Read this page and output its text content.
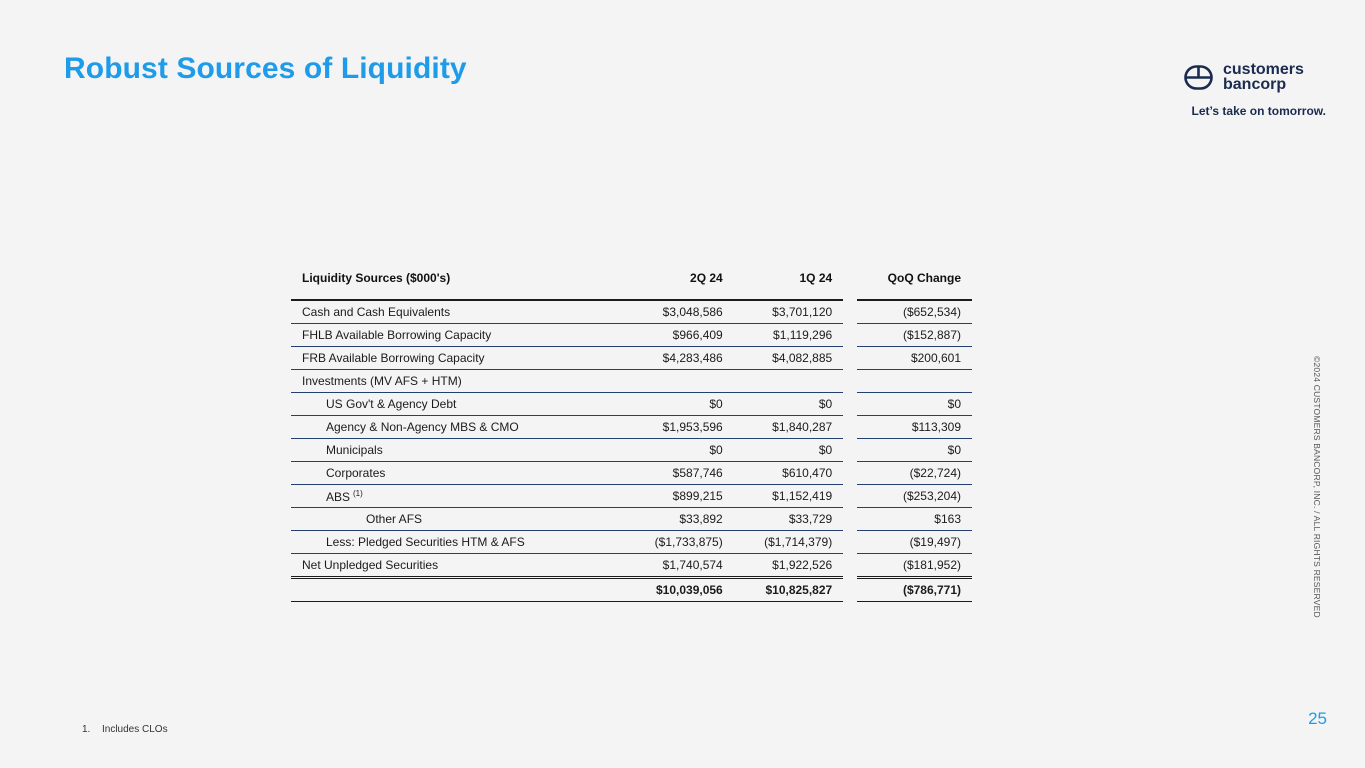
Robust Sources of Liquidity	customers
bancorp
Let’s take on tomorrow.
©2024 CUSTOMERS BANCORP, INC. / ALL RIGHTS RESERVED
Liquidity Sources ($000's)	2Q 24	1Q 24		QoQ Change
Cash and Cash Equivalents	$3,048,586	$3,701,120		($652,534)
FHLB Available Borrowing Capacity	$966,409	$1,119,296		($152,887)
FRB Available Borrowing Capacity	$4,283,486	$4,082,885		$200,601
Investments (MV AFS + HTM)				
US Gov't & Agency Debt	$0	$0		$0
Agency & Non-Agency MBS & CMO	$1,953,596	$1,840,287		$113,309
Municipals	$0	$0		$0
Corporates	$587,746	$610,470		($22,724)
ABS $^{(1)}$	$899,215	$1,152,419		($253,204)
Other AFS	$33,892	$33,729		$163
Less: Pledged Securities HTM & AFS	($1,733,875)	($1,714,379)		($19,497)
Net Unpledged Securities	$1,740,574	$1,922,526		($181,952)
	$10,039,056	$10,825,827		($786,771)
1. Includes CLOs
25
